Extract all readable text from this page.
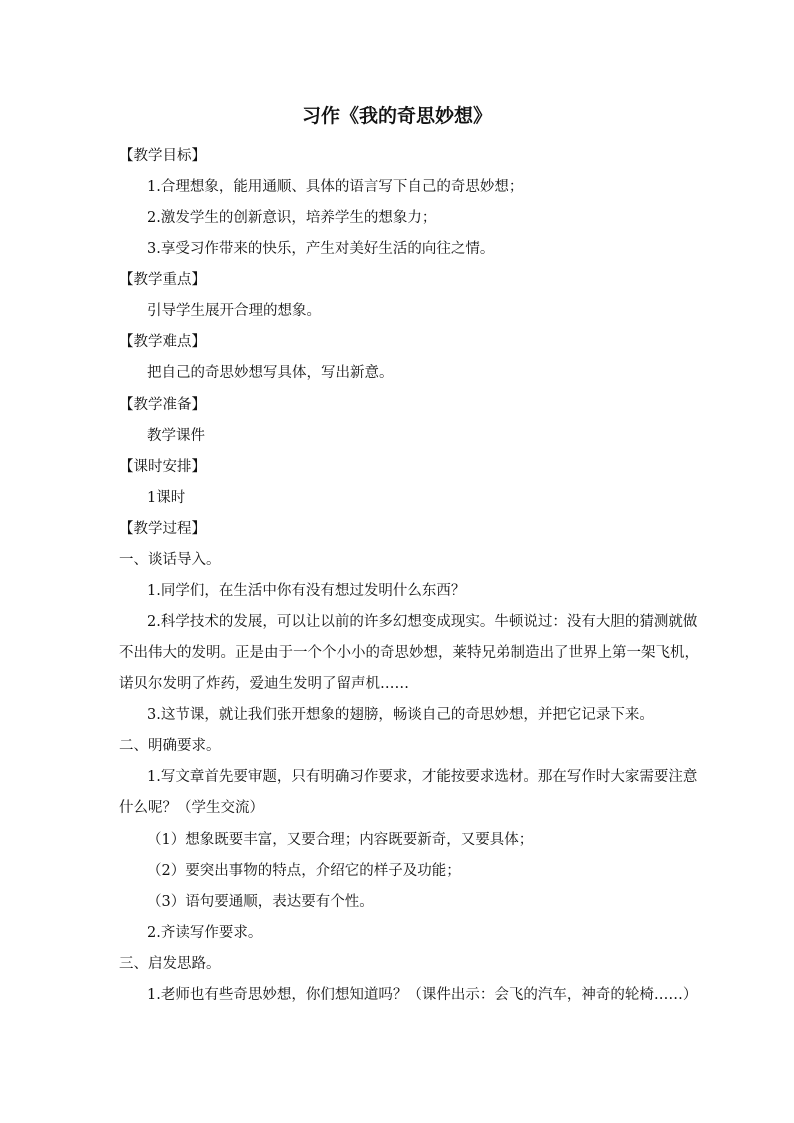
习作《我的奇思妙想》
【教学目标】
1.合理想象，能用通顺、具体的语言写下自己的奇思妙想；
2.激发学生的创新意识，培养学生的想象力；
3.享受习作带来的快乐，产生对美好生活的向往之情。
【教学重点】
引导学生展开合理的想象。
【教学难点】
把自己的奇思妙想写具体，写出新意。
【教学准备】
教学课件
【课时安排】
1课时
【教学过程】
一、谈话导入。
1.同学们，在生活中你有没有想过发明什么东西？
2.科学技术的发展，可以让以前的许多幻想变成现实。牛顿说过：没有大胆的猜测就做
不出伟大的发明。正是由于一个个小小的奇思妙想，莱特兄弟制造出了世界上第一架飞机，
诺贝尔发明了炸药，爱迪生发明了留声机……
3.这节课，就让我们张开想象的翅膀，畅谈自己的奇思妙想，并把它记录下来。
二、明确要求。
1.写文章首先要审题，只有明确习作要求，才能按要求选材。那在写作时大家需要注意
什么呢？（学生交流）
（1）想象既要丰富，又要合理；内容既要新奇，又要具体；
（2）要突出事物的特点，介绍它的样子及功能；
（3）语句要通顺，表达要有个性。
2.齐读写作要求。
三、启发思路。
1.老师也有些奇思妙想，你们想知道吗？（课件出示：会飞的汽车，神奇的轮椅……）
